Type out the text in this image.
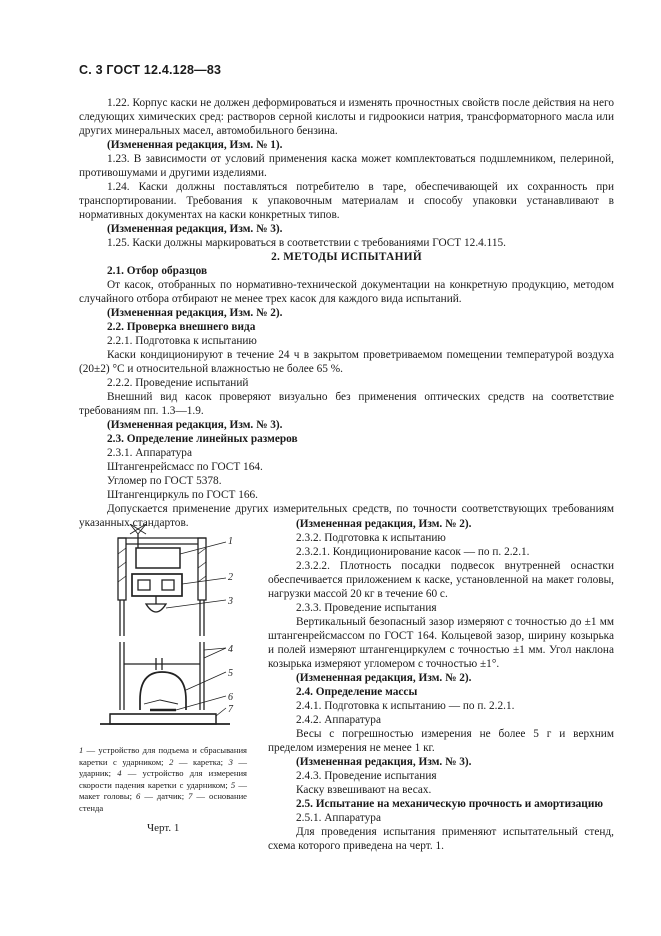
С. 3 ГОСТ 12.4.128—83

1.22. Корпус каски не должен деформироваться и изменять прочностных свойств после действия на него следующих химических сред: растворов серной кислоты и гидроокиси натрия, трансформаторного масла или других минеральных масел, автомобильного бензина.

(Измененная редакция, Изм. № 1).

1.23. В зависимости от условий применения каска может комплектоваться подшлемником, пелериной, противошумами и другими изделиями.

1.24. Каски должны поставляться потребителю в таре, обеспечивающей их сохранность при транспортировании. Требования к упаковочным материалам и способу упаковки устанавливают в нормативных документах на каски конкретных типов.

(Измененная редакция, Изм. № 3).

1.25. Каски должны маркироваться в соответствии с требованиями ГОСТ 12.4.115.

2. МЕТОДЫ ИСПЫТАНИЙ

2.1. Отбор образцов

От касок, отобранных по нормативно-технической документации на конкретную продукцию, методом случайного отбора отбирают не менее трех касок для каждого вида испытаний.

(Измененная редакция, Изм. № 2).

2.2. Проверка внешнего вида

2.2.1. Подготовка к испытанию

Каски кондиционируют в течение 24 ч в закрытом проветриваемом помещении температурой воздуха (20±2) °С и относительной влажностью не более 65 %.

2.2.2. Проведение испытаний

Внешний вид касок проверяют визуально без применения оптических средств на соответствие требованиям пп. 1.3—1.9.

(Измененная редакция, Изм. № 3).

2.3. Определение линейных размеров

2.3.1. Аппаратура

Штангенрейсмасс по ГОСТ 164.

Угломер по ГОСТ 5378.

Штангенциркуль по ГОСТ 166.

Допускается применение других измерительных средств, по точности соответствующих требованиям указанных стандартов.	(Измененная редакция, Изм. № 2).

2.3.2. Подготовка к испытанию

2.3.2.1. Кондиционирование касок — по п. 2.2.1.

2.3.2.2. Плотность посадки подвесок внутренней оснастки обеспечивается приложением к каске, установленной на макет головы, нагрузки массой 20 кг в течение 60 с.

2.3.3. Проведение испытания

Вертикальный безопасный зазор измеряют с точностью до ±1 мм штангенрейсмассом по ГОСТ 164. Кольцевой зазор, ширину козырька и полей измеряют штангенциркулем с точностью ±1 мм. Угол наклона козырька измеряют угломером с точностью ±1°.

(Измененная редакция, Изм. № 2).

2.4. Определение массы

2.4.1. Подготовка к испытанию — по п. 2.2.1.

2.4.2. Аппаратура

Весы с погрешностью измерения не более 5 г и верхним пределом измерения не менее 1 кг.

(Измененная редакция, Изм. № 3).

2.4.3. Проведение испытания

Каску взвешивают на весах.

2.5. Испытание на механическую прочность и амортизацию

2.5.1. Аппаратура

Для проведения испытания применяют испытательный стенд, схема которого приведена на черт. 1.

1
2
3
4
5
6
7
1 — устройство для подъема и сбрасывания каретки с ударником; 2 — каретка; 3 — ударник; 4 — устройство для измерения скорости падения каретки с ударником; 5 — макет головы; 6 — датчик; 7 — основание стенда
Черт. 1
